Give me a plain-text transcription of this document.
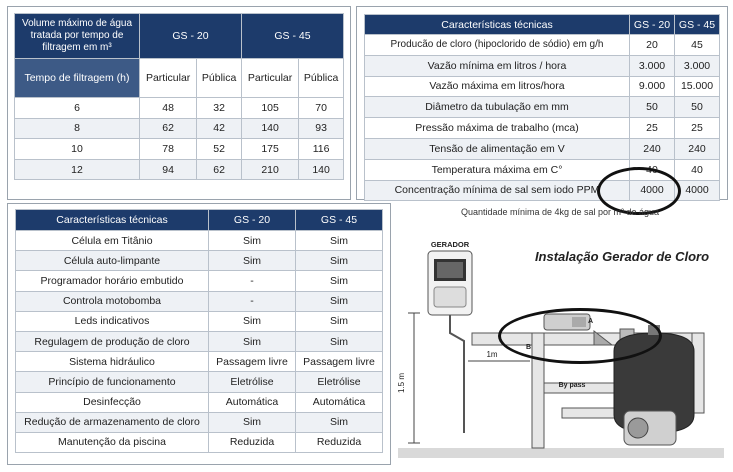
Volume máximo de água tratada por tempo de filtragem em m³	GS - 20		GS - 45	
Tempo de filtragem (h)	Particular	Pública	Particular	Pública
6	48	32	105	70
8	62	42	140	93
10	78	52	175	116
12	94	62	210	140
Características técnicas	GS - 20	GS - 45
Producão de cloro (hipoclorido de sódio) em g/h	20	45
Vazão mínima em litros / hora	3.000	3.000
Vazão máxima em litros/hora	9.000	15.000
Diâmetro da tubulação em mm	50	50
Pressão máxima de trabalho (mca)	25	25
Tensão de alimentação em V	240	240
Temperatura máxima em C°	40	40
Concentração mínima de sal sem iodo PPM	4000	4000
Características técnicas	GS - 20	GS - 45
Célula em Titânio	Sim	Sim
Célula auto-limpante	Sim	Sim
Programador horário embutido	-	Sim
Controla motobomba	-	Sim
Leds indicativos	Sim	Sim
Regulagem de produção de cloro	Sim	Sim
Sistema hidráulico	Passagem livre	Passagem livre
Princípio de funcionamento	Eletrólise	Eletrólise
Desinfecção	Automática	Automática
Redução de armazenamento de cloro	Sim	Sim
Manutenção da piscina	Reduzida	Reduzida
Quantidade mínima de 4kg de sal por m³ de água
Instalação Gerador de Cloro
GERADOR
1.5 m
1m
A
B
By pass
